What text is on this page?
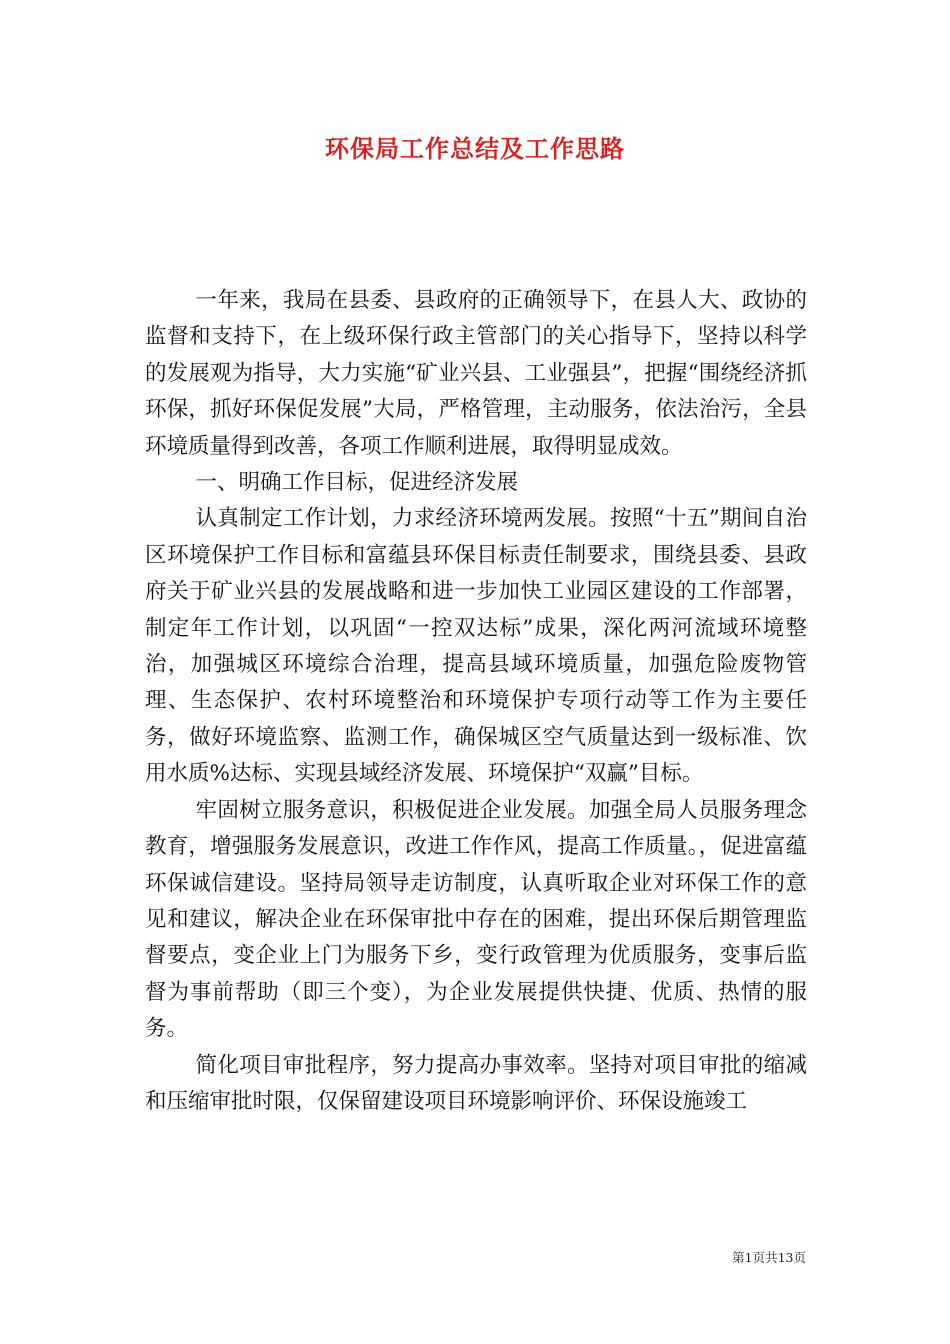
环保局工作总结及工作思路

一年来，我局在县委、县政府的正确领导下，在县人大、政协的监督和支持下，在上级环保行政主管部门的关心指导下，坚持以科学的发展观为指导，大力实施“矿业兴县、工业强县”，把握“围绕经济抓环保，抓好环保促发展”大局，严格管理，主动服务，依法治污，全县环境质量得到改善，各项工作顺利进展，取得明显成效。

一、明确工作目标，促进经济发展

认真制定工作计划，力求经济环境两发展。按照“十五”期间自治区环境保护工作目标和富蕴县环保目标责任制要求，围绕县委、县政府关于矿业兴县的发展战略和进一步加快工业园区建设的工作部署，制定年工作计划，以巩固“一控双达标”成果，深化两河流域环境整治，加强城区环境综合治理，提高县域环境质量，加强危险废物管理、生态保护、农村环境整治和环境保护专项行动等工作为主要任务，做好环境监察、监测工作，确保城区空气质量达到一级标准、饮用水质%达标、实现县域经济发展、环境保护“双赢”目标。

牢固树立服务意识，积极促进企业发展。加强全局人员服务理念教育，增强服务发展意识，改进工作作风，提高工作质量。，促进富蕴环保诚信建设。坚持局领导走访制度，认真听取企业对环保工作的意见和建议，解决企业在环保审批中存在的困难，提出环保后期管理监督要点，变企业上门为服务下乡，变行政管理为优质服务，变事后监督为事前帮助（即三个变），为企业发展提供快捷、优质、热情的服务。

简化项目审批程序，努力提高办事效率。坚持对项目审批的缩减和压缩审批时限，仅保留建设项目环境影响评价、环保设施竣工

第1页共13页
